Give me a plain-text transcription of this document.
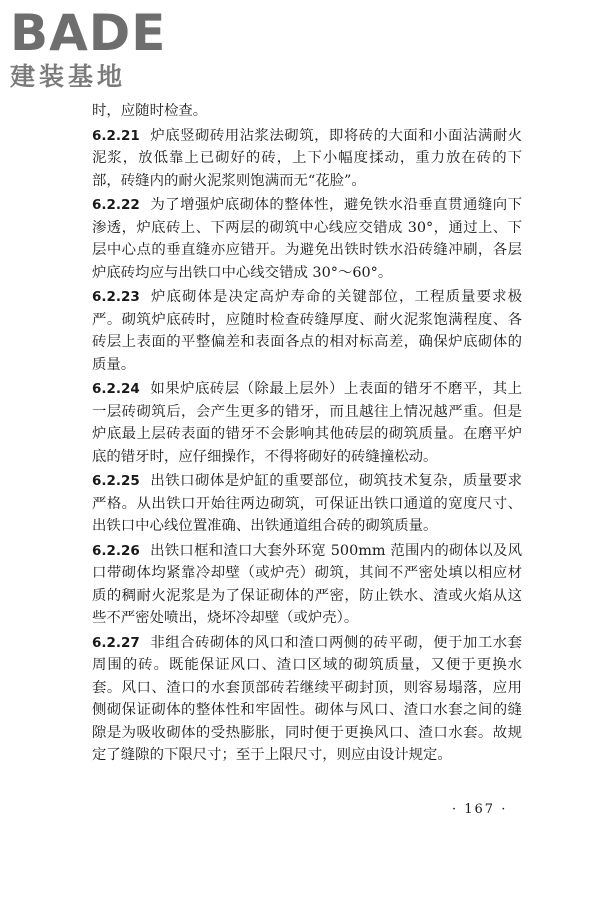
BADE
建装基地

时，应随时检查。

6.2.21 炉底竖砌砖用沾浆法砌筑，即将砖的大面和小面沾满耐火泥浆，放低靠上已砌好的砖，上下小幅度揉动，重力放在砖的下部，砖缝内的耐火泥浆则饱满而无“花脸”。

6.2.22 为了增强炉底砌体的整体性，避免铁水沿垂直贯通缝向下渗透，炉底砖上、下两层的砌筑中心线应交错成 30°，通过上、下层中心点的垂直缝亦应错开。为避免出铁时铁水沿砖缝冲刷，各层炉底砖均应与出铁口中心线交错成 30°～60°。

6.2.23 炉底砌体是决定高炉寿命的关键部位，工程质量要求极严。砌筑炉底砖时，应随时检查砖缝厚度、耐火泥浆饱满程度、各砖层上表面的平整偏差和表面各点的相对标高差，确保炉底砌体的质量。

6.2.24 如果炉底砖层（除最上层外）上表面的错牙不磨平，其上一层砖砌筑后，会产生更多的错牙，而且越往上情况越严重。但是炉底最上层砖表面的错牙不会影响其他砖层的砌筑质量。在磨平炉底的错牙时，应仔细操作，不得将砌好的砖缝撞松动。

6.2.25 出铁口砌体是炉缸的重要部位，砌筑技术复杂，质量要求严格。从出铁口开始往两边砌筑，可保证出铁口通道的宽度尺寸、出铁口中心线位置准确、出铁通道组合砖的砌筑质量。

6.2.26 出铁口框和渣口大套外环宽 500mm 范围内的砌体以及风口带砌体均紧靠冷却壁（或炉壳）砌筑，其间不严密处填以相应材质的稠耐火泥浆是为了保证砌体的严密，防止铁水、渣或火焰从这些不严密处喷出，烧坏冷却壁（或炉壳）。

6.2.27 非组合砖砌体的风口和渣口两侧的砖平砌，便于加工水套周围的砖。既能保证风口、渣口区域的砌筑质量，又便于更换水套。风口、渣口的水套顶部砖若继续平砌封顶，则容易塌落，应用侧砌保证砌体的整体性和牢固性。砌体与风口、渣口水套之间的缝隙是为吸收砌体的受热膨胀，同时便于更换风口、渣口水套。故规定了缝隙的下限尺寸；至于上限尺寸，则应由设计规定。

· 167 ·
